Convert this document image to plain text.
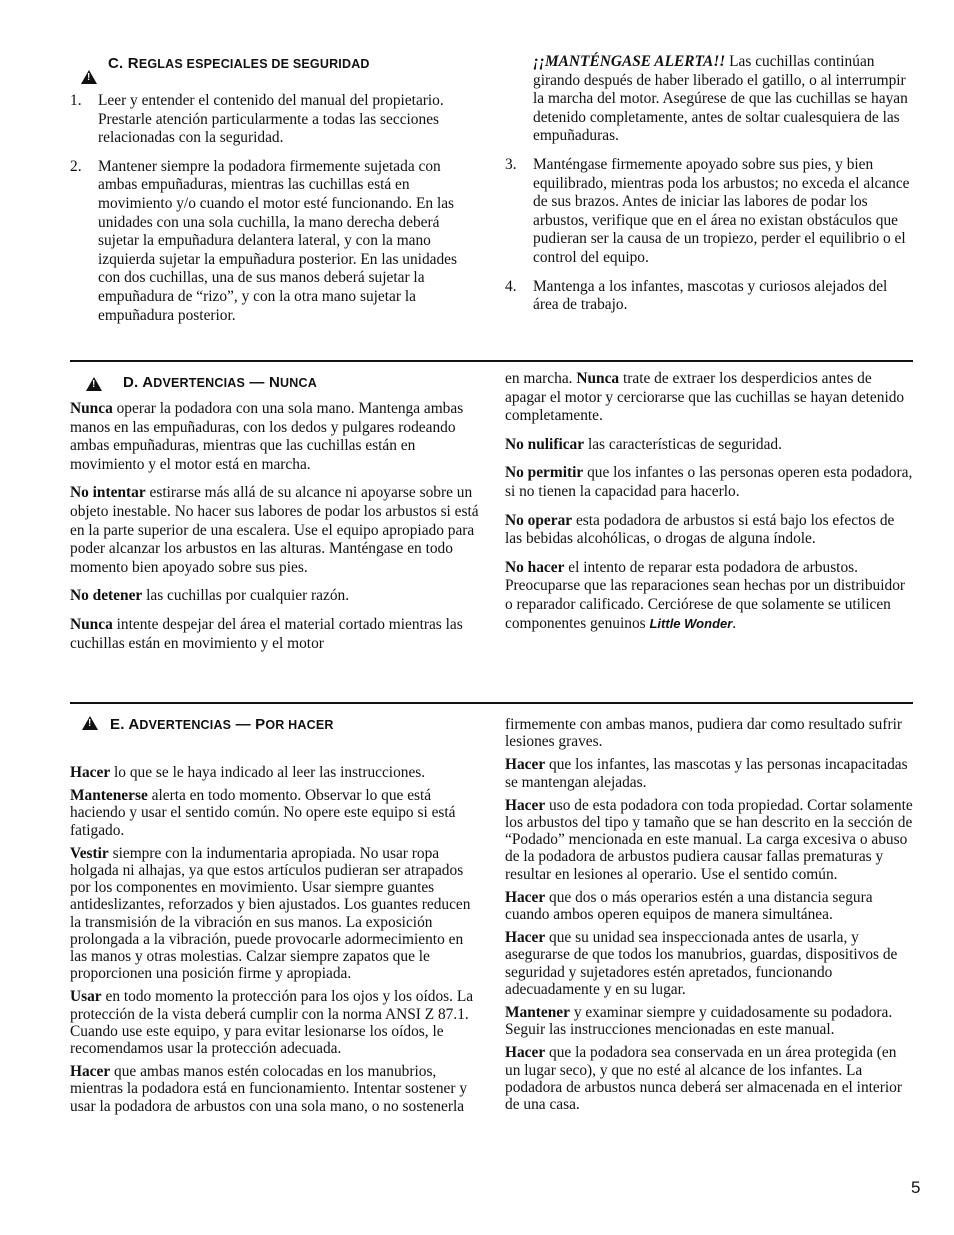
!
C. REGLAS ESPECIALES DE SEGURIDAD
1.	Leer y entender el contenido del manual del propietario. Prestarle atención particularmente a todas las secciones relacionadas con la seguridad.
2.	Mantener siempre la podadora firmemente sujetada con ambas empuñaduras, mientras las cuchillas está en movimiento y/o cuando el motor esté funcionando. En las unidades con una sola cuchilla, la mano derecha deberá sujetar la empuñadura delantera lateral, y con la mano izquierda sujetar la empuñadura posterior. En las unidades con dos cuchillas, una de sus manos deberá sujetar la empuñadura de “rizo”, y con la otra mano sujetar la empuñadura posterior.
¡¡MANTÉNGASE ALERTA!! Las cuchillas continúan girando después de haber liberado el gatillo, o al interrumpir la marcha del motor. Asegúrese de que las cuchillas se hayan detenido completamente, antes de soltar cualesquiera de las empuñaduras.
3.	Manténgase firmemente apoyado sobre sus pies, y bien equilibrado, mientras poda los arbustos; no exceda el alcance de sus brazos. Antes de iniciar las labores de podar los arbustos, verifique que en el área no existan obstáculos que pudieran ser la causa de un tropiezo, perder el equilibrio o el control del equipo.
4.	Mantenga a los infantes, mascotas y curiosos alejados del área de trabajo.
!
D. ADVERTENCIAS — NUNCA

Nunca operar la podadora con una sola mano. Mantenga ambas manos en las empuñaduras, con los dedos y pulgares rodeando ambas empuñaduras, mientras que las cuchillas están en movimiento y el motor está en marcha.

No intentar estirarse más allá de su alcance ni apoyarse sobre un objeto inestable. No hacer sus labores de podar los arbustos si está en la parte superior de una escalera. Use el equipo apropiado para poder alcanzar los arbustos en las alturas. Manténgase en todo momento bien apoyado sobre sus pies.

No detener las cuchillas por cualquier razón.

Nunca intente despejar del área el material cortado mientras las cuchillas están en movimiento y el motor

en marcha. Nunca trate de extraer los desperdicios antes de apagar el motor y cerciorarse que las cuchillas se hayan detenido completamente.

No nulificar las características de seguridad.

No permitir que los infantes o las personas operen esta podadora, si no tienen la capacidad para hacerlo.

No operar esta podadora de arbustos si está bajo los efectos de las bebidas alcohólicas, o drogas de alguna índole.

No hacer el intento de reparar esta podadora de arbustos. Preocuparse que las reparaciones sean hechas por un distribuidor o reparador calificado. Cerciórese de que solamente se utilicen componentes genuinos Little Wonder.

!
E. ADVERTENCIAS — POR HACER

Hacer lo que se le haya indicado al leer las instrucciones.

Mantenerse alerta en todo momento. Observar lo que está haciendo y usar el sentido común. No opere este equipo si está fatigado.

Vestir siempre con la indumentaria apropiada. No usar ropa holgada ni alhajas, ya que estos artículos pudieran ser atrapados por los componentes en movimiento. Usar siempre guantes antideslizantes, reforzados y bien ajustados. Los guantes reducen la transmisión de la vibración en sus manos. La exposición prolongada a la vibración, puede provocarle adormecimiento en las manos y otras molestias. Calzar siempre zapatos que le proporcionen una posición firme y apropiada.

Usar en todo momento la protección para los ojos y los oídos. La protección de la vista deberá cumplir con la norma ANSI Z 87.1. Cuando use este equipo, y para evitar lesionarse los oídos, le recomendamos usar la protección adecuada.

Hacer que ambas manos estén colocadas en los manubrios, mientras la podadora está en funcionamiento. Intentar sostener y usar la podadora de arbustos con una sola mano, o no sostenerla

firmemente con ambas manos, pudiera dar como resultado sufrir lesiones graves.

Hacer que los infantes, las mascotas y las personas incapacitadas se mantengan alejadas.

Hacer uso de esta podadora con toda propiedad. Cortar solamente los arbustos del tipo y tamaño que se han descrito en la sección de “Podado” mencionada en este manual. La carga excesiva o abuso de la podadora de arbustos pudiera causar fallas prematuras y resultar en lesiones al operario. Use el sentido común.

Hacer que dos o más operarios estén a una distancia segura cuando ambos operen equipos de manera simultánea.

Hacer que su unidad sea inspeccionada antes de usarla, y asegurarse de que todos los manubrios, guardas, dispositivos de seguridad y sujetadores estén apretados, funcionando adecuadamente y en su lugar.

Mantener y examinar siempre y cuidadosamente su podadora. Seguir las instrucciones mencionadas en este manual.

Hacer que la podadora sea conservada en un área protegida (en un lugar seco), y que no esté al alcance de los infantes. La podadora de arbustos nunca deberá ser almacenada en el interior de una casa.

5
